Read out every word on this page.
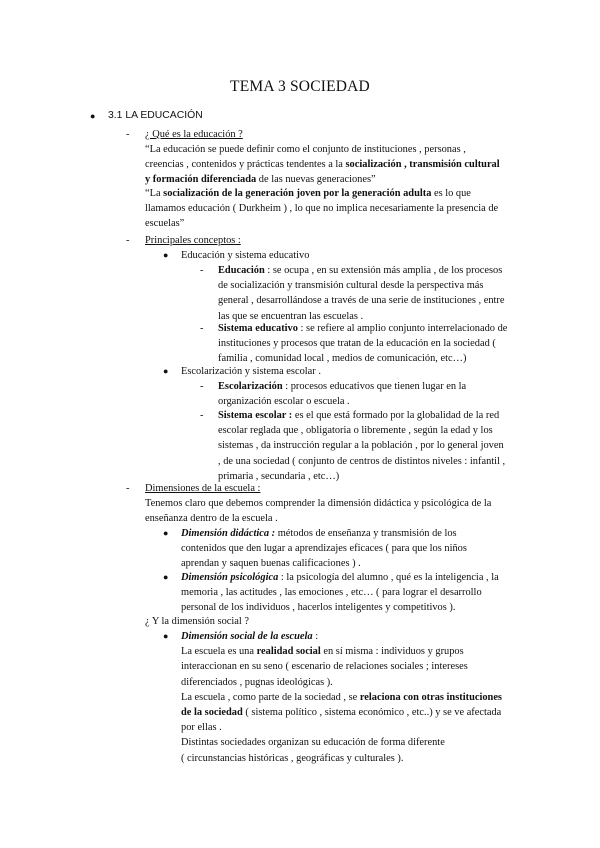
TEMA 3 SOCIEDAD
● 3.1 LA EDUCACIÓN
- ¿ Qué es la educación ?
“La educación se puede definir como el conjunto de instituciones , personas ,
creencias , contenidos y prácticas tendentes a la socialización , transmisión cultural
y formación diferenciada de las nuevas generaciones”
“La socialización de la generación joven por la generación adulta es lo que
llamamos educación ( Durkheim ) , lo que no implica necesariamente la presencia de
escuelas”
- Principales conceptos :
● Educación y sistema educativo
- Educación : se ocupa , en su extensión más amplia , de los procesos
de socialización y transmisión cultural desde la perspectiva más
general , desarrollándose a través de una serie de instituciones , entre
las que se encuentran las escuelas .
- Sistema educativo : se refiere al amplio conjunto interrelacionado de
instituciones y procesos que tratan de la educación en la sociedad (
familia , comunidad local , medios de comunicación, etc…)
● Escolarización y sistema escolar .
- Escolarización : procesos educativos que tienen lugar en la
organización escolar o escuela .
- Sistema escolar : es el que está formado por la globalidad de la red
escolar reglada que , obligatoria o libremente , según la edad y los
sistemas , da instrucción regular a la población , por lo general joven
, de una sociedad ( conjunto de centros de distintos niveles : infantil ,
primaria , secundaria , etc…)
- Dimensiones de la escuela :
Tenemos claro que debemos comprender la dimensión didáctica y psicológica de la
enseñanza dentro de la escuela .
● Dimensión didáctica : métodos de enseñanza y transmisión de los
contenidos que den lugar a aprendizajes eficaces ( para que los niños
aprendan y saquen buenas calificaciones ) .
● Dimensión psicológica : la psicología del alumno , qué es la inteligencia , la
memoria , las actitudes , las emociones , etc… ( para lograr el desarrollo
personal de los individuos , hacerlos inteligentes y competitivos ).
¿ Y la dimensión social ?
● Dimensión social de la escuela :
La escuela es una realidad social en sí misma : individuos y grupos
interaccionan en su seno ( escenario de relaciones sociales ; intereses
diferenciados , pugnas ideológicas ).
La escuela , como parte de la sociedad , se relaciona con otras instituciones
de la sociedad ( sistema político , sistema económico , etc..) y se ve afectada
por ellas .
Distintas sociedades organizan su educación de forma diferente
( circunstancias históricas , geográficas y culturales ).
